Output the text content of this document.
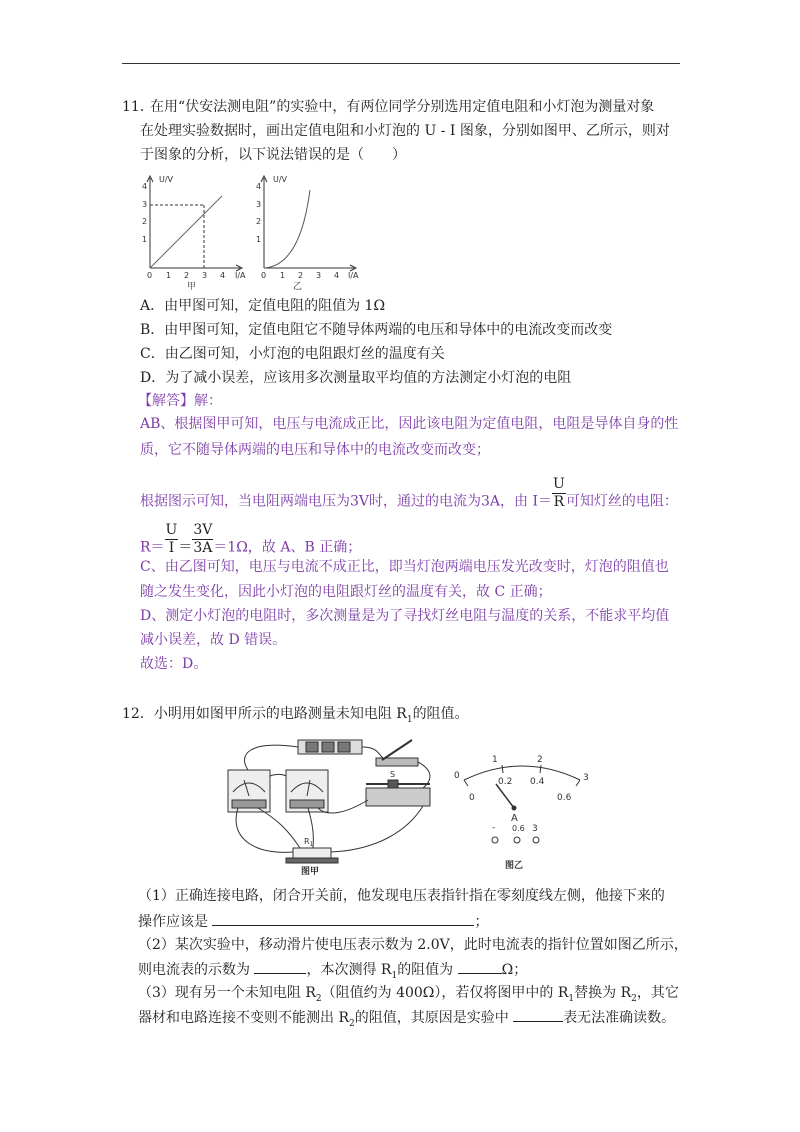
11．
在用“伏安法测电阻”的实验中，有两位同学分别选用定值电阻和小灯泡为测量对象
在处理实验数据时，画出定值电阻和小灯泡的 U - I 图象，分别如图甲、乙所示，则对
于图象的分析，以下说法错误的是（　　）
U/V
1
2
3
4
0 1 2 3 4 I/A
甲
U/V
1
2
3
4
0 1 2 3 4 I/A
乙
A．由甲图可知，定值电阻的阻值为 1Ω
B．由甲图可知，定值电阻它不随导体两端的电压和导体中的电流改变而改变
C．由乙图可知，小灯泡的电阻跟灯丝的温度有关
D．为了减小误差，应该用多次测量取平均值的方法测定小灯泡的电阻
【解答】解：
AB、根据图甲可知，电压与电流成正比，因此该电阻为定值电阻，电阻是导体自身的性
质，它不随导体两端的电压和导体中的电流改变而改变；
根据图示可知，当电阻两端电压为3V时，通过的电流为3A，由 $I= \frac{U}{R}$ 可知灯丝的电阻：
$R= \frac{U}{I} = \frac{3V}{3A} =1\Omega$，故 A、B 正确；
C、由乙图可知，电压与电流不成正比，即当灯泡两端电压发光改变时，灯泡的阻值也
随之发生变化，因此小灯泡的电阻跟灯丝的温度有关，故 C 正确；
D、测定小灯泡的电阻时，多次测量是为了寻找灯丝电阻与温度的关系，不能求平均值
减小误差，故 D 错误。
故选：D。
12．小明用如图甲所示的电路测量未知电阻 $R_1$的阻值。
S
$R_1$
图甲
0
1	2
3
0
0.2 0.4
0.6
A
- 0.6 3
图乙
（1）正确连接电路，闭合开关前，他发现电压表指针指在零刻度线左侧，他接下来的
操作应该是	；
（2）某次实验中，移动滑片使电压表示数为 2.0V，此时电流表的指针位置如图乙所示，
则电流表的示数为	，本次测得 $R_1$的阻值为	Ω；
（3）现有另一个未知电阻 $R_2$（阻值约为 400Ω），若仅将图甲中的 $R_1$替换为 $R_2$，其它
器材和电路连接不变则不能测出 $R_2$的阻值，其原因是实验中	表无法准确读数。
